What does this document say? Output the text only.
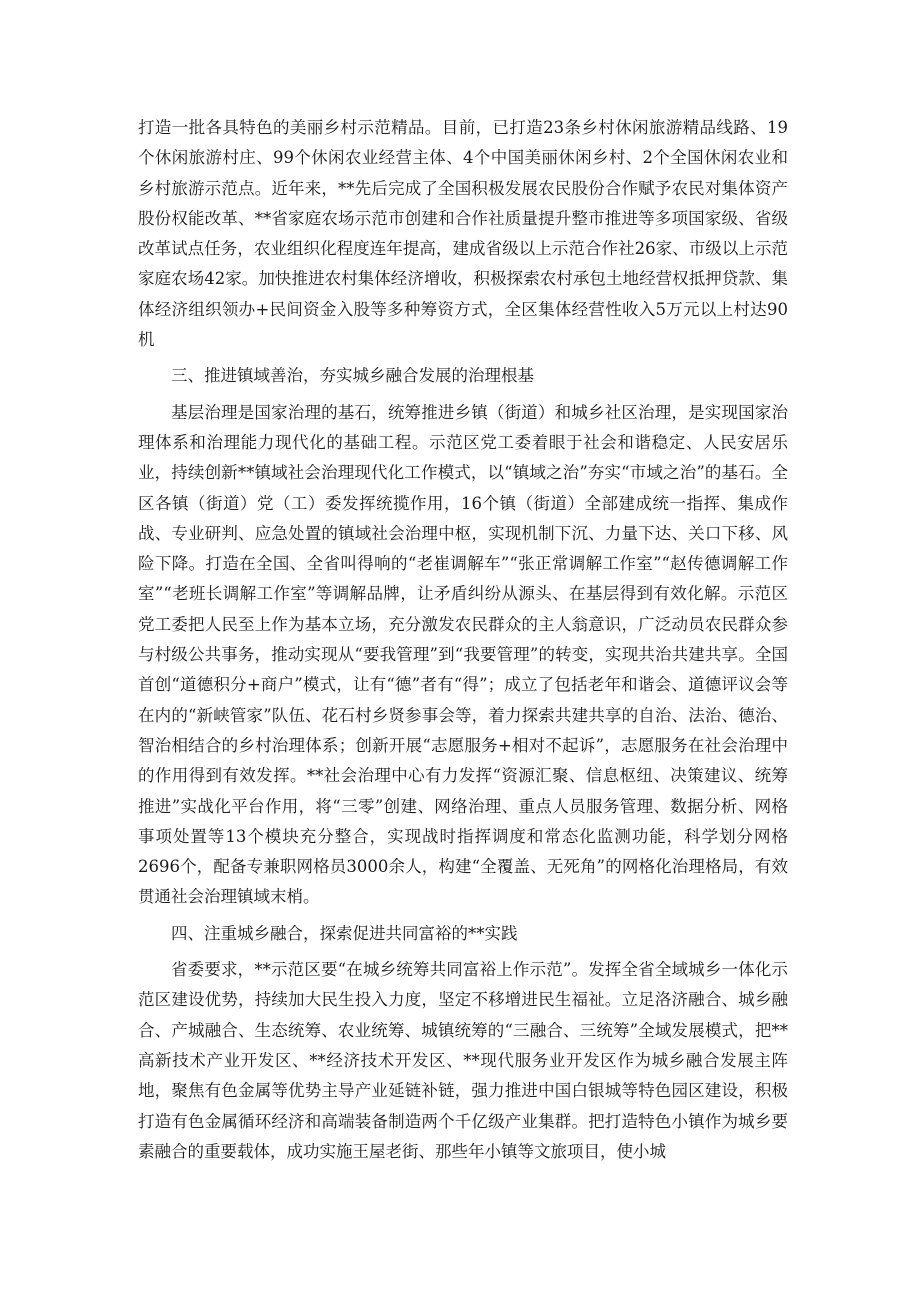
打造一批各具特色的美丽乡村示范精品。目前，已打造23条乡村休闲旅游精品线路、19个休闲旅游村庄、99个休闲农业经营主体、4个中国美丽休闲乡村、2个全国休闲农业和乡村旅游示范点。近年来，**先后完成了全国积极发展农民股份合作赋予农民对集体资产股份权能改革、**省家庭农场示范市创建和合作社质量提升整市推进等多项国家级、省级改革试点任务，农业组织化程度连年提高，建成省级以上示范合作社26家、市级以上示范家庭农场42家。加快推进农村集体经济增收，积极探索农村承包土地经营权抵押贷款、集体经济组织领办+民间资金入股等多种筹资方式，全区集体经营性收入5万元以上村达90机

三、推进镇域善治，夯实城乡融合发展的治理根基

基层治理是国家治理的基石，统筹推进乡镇（街道）和城乡社区治理，是实现国家治理体系和治理能力现代化的基础工程。示范区党工委着眼于社会和谐稳定、人民安居乐业，持续创新**镇域社会治理现代化工作模式，以“镇域之治”夯实“市域之治”的基石。全区各镇（街道）党（工）委发挥统揽作用，16个镇（街道）全部建成统一指挥、集成作战、专业研判、应急处置的镇域社会治理中枢，实现机制下沉、力量下达、关口下移、风险下降。打造在全国、全省叫得响的“老崔调解车”“张正常调解工作室”“赵传德调解工作室”“老班长调解工作室”等调解品牌，让矛盾纠纷从源头、在基层得到有效化解。示范区党工委把人民至上作为基本立场，充分激发农民群众的主人翁意识，广泛动员农民群众参与村级公共事务，推动实现从“要我管理”到“我要管理”的转变，实现共治共建共享。全国首创“道德积分+商户”模式，让有“德”者有“得”；成立了包括老年和谐会、道德评议会等在内的“新峡管家”队伍、花石村乡贤参事会等，着力探索共建共享的自治、法治、德治、智治相结合的乡村治理体系；创新开展“志愿服务+相对不起诉”，志愿服务在社会治理中的作用得到有效发挥。**社会治理中心有力发挥“资源汇聚、信息枢纽、决策建议、统筹推进”实战化平台作用，将“三零”创建、网络治理、重点人员服务管理、数据分析、网格事项处置等13个模块充分整合，实现战时指挥调度和常态化监测功能，科学划分网格2696个，配备专兼职网格员3000余人，构建“全覆盖、无死角”的网格化治理格局，有效贯通社会治理镇域末梢。

四、注重城乡融合，探索促进共同富裕的**实践

省委要求，**示范区要“在城乡统筹共同富裕上作示范”。发挥全省全域城乡一体化示范区建设优势，持续加大民生投入力度，坚定不移增进民生福祉。立足洛济融合、城乡融合、产城融合、生态统筹、农业统筹、城镇统筹的“三融合、三统筹”全域发展模式，把**高新技术产业开发区、**经济技术开发区、**现代服务业开发区作为城乡融合发展主阵地，聚焦有色金属等优势主导产业延链补链，强力推进中国白银城等特色园区建设，积极打造有色金属循环经济和高端装备制造两个千亿级产业集群。把打造特色小镇作为城乡要素融合的重要载体，成功实施王屋老街、那些年小镇等文旅项目，使小城
